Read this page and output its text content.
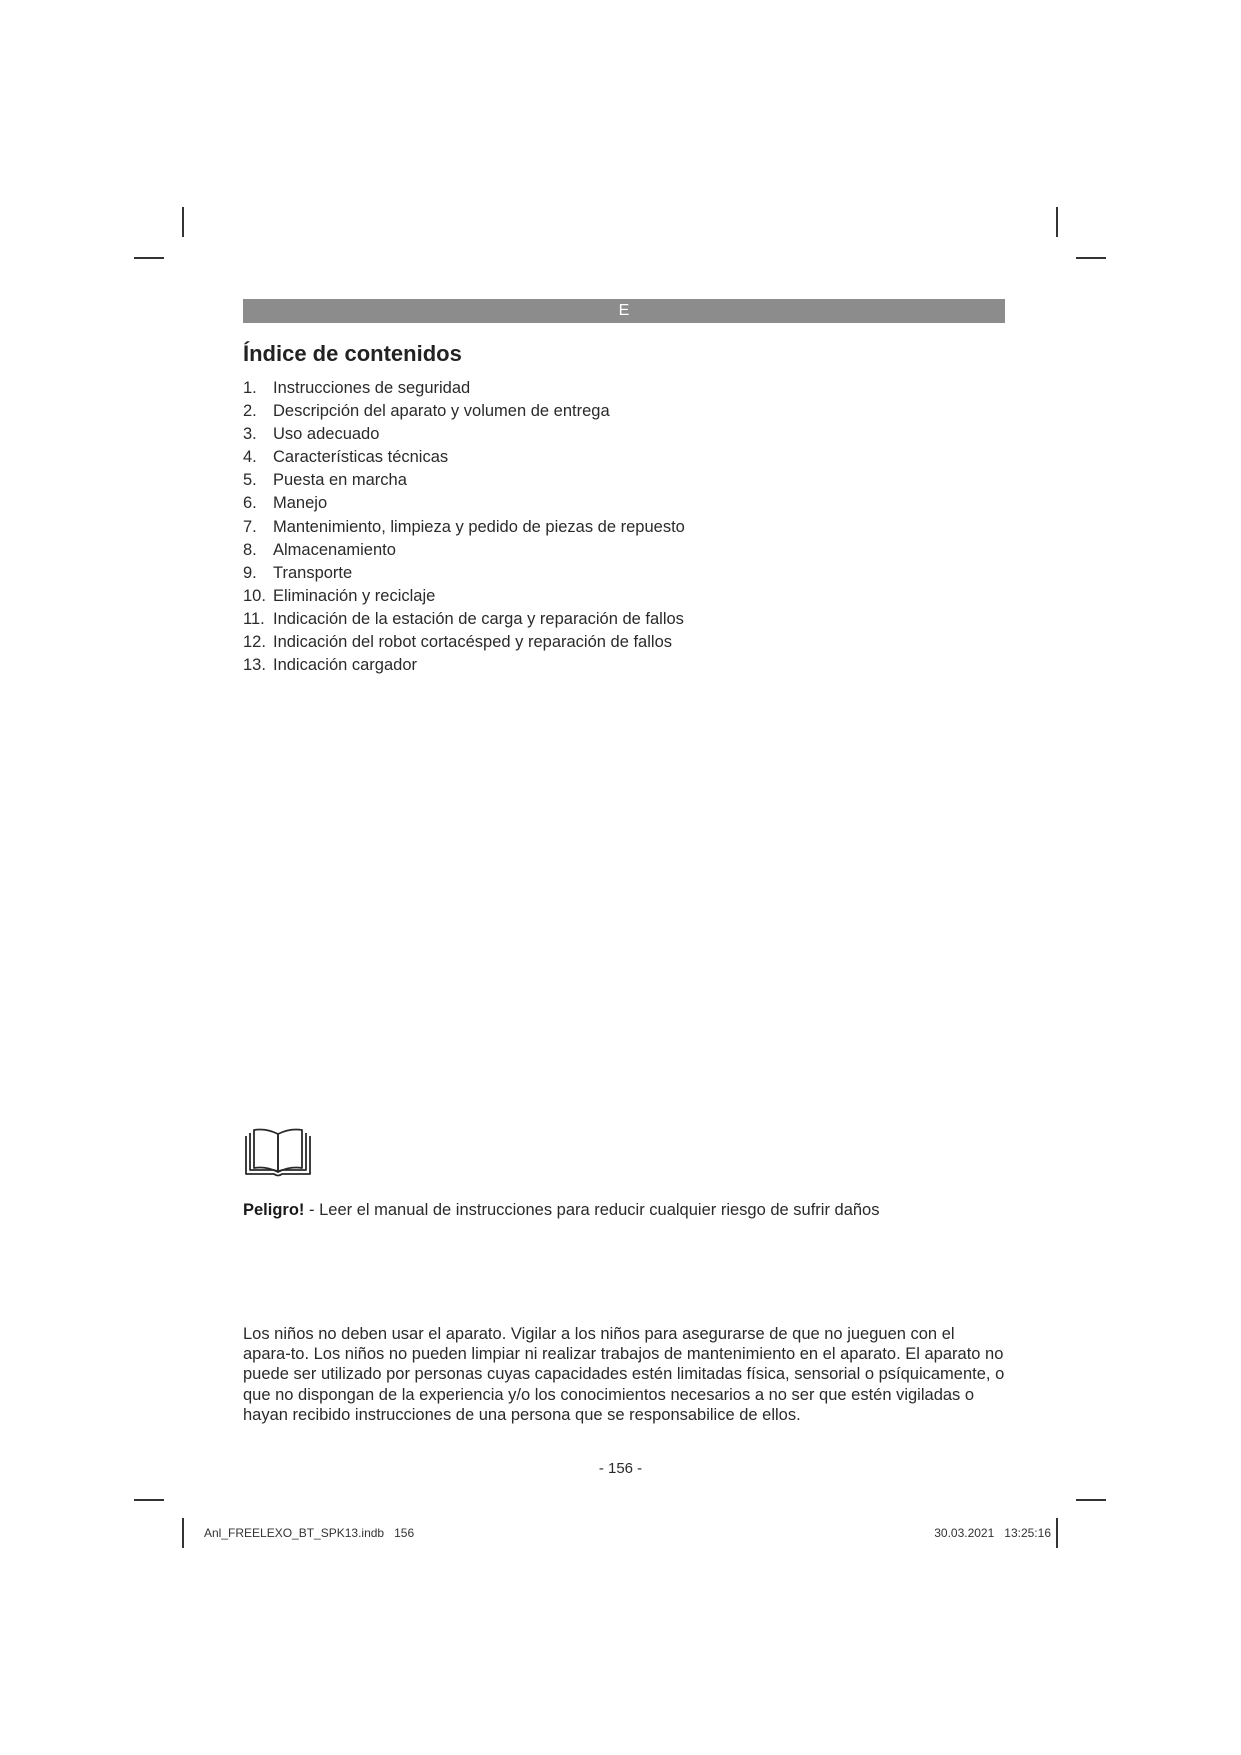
E
Índice de contenidos
1. Instrucciones de seguridad
2. Descripción del aparato y volumen de entrega
3. Uso adecuado
4. Características técnicas
5. Puesta en marcha
6. Manejo
7. Mantenimiento, limpieza y pedido de piezas de repuesto
8. Almacenamiento
9. Transporte
10. Eliminación y reciclaje
11. Indicación de la estación de carga y reparación de fallos
12. Indicación del robot cortacésped y reparación de fallos
13. Indicación cargador

Peligro! - Leer el manual de instrucciones para reducir cualquier riesgo de sufrir daños

Los niños no deben usar el aparato. Vigilar a los niños para asegurarse de que no jueguen con el apara-to. Los niños no pueden limpiar ni realizar trabajos de mantenimiento en el aparato. El aparato no puede ser utilizado por personas cuyas capacidades estén limitadas física, sensorial o psíquicamente, o que no dispongan de la experiencia y/o los conocimientos necesarios a no ser que estén vigiladas o hayan recibido instrucciones de una persona que se responsabilice de ellos.

- 156 -
Anl_FREELEXO_BT_SPK13.indb   156	30.03.2021   13:25:16
